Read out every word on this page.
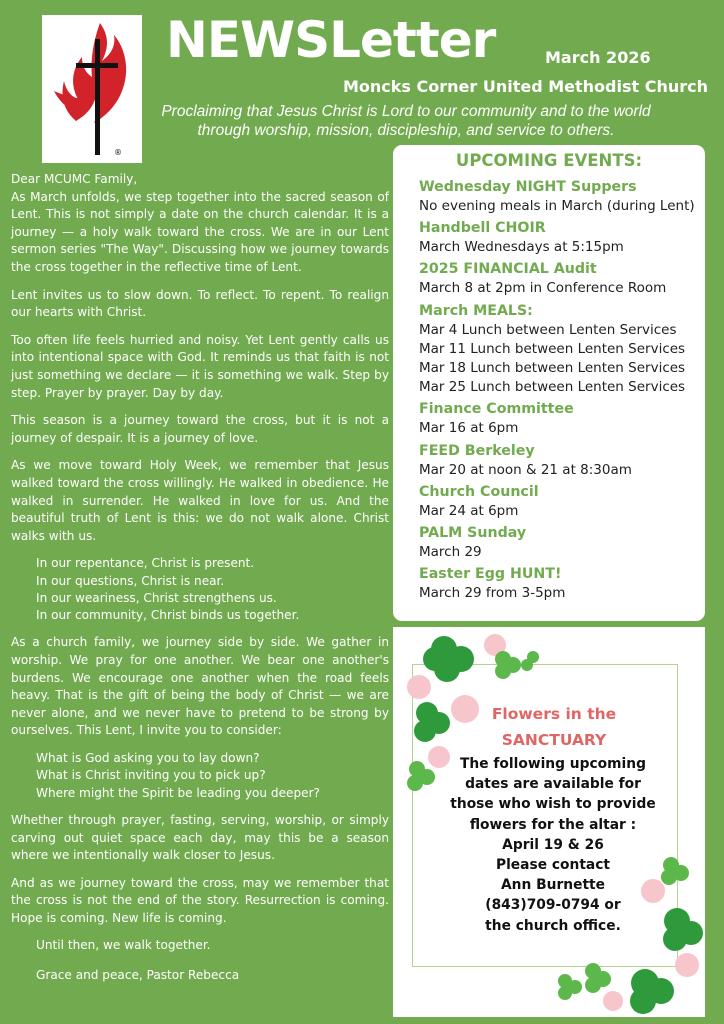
®
NEWSLetter	March 2026
Moncks Corner United Methodist Church
Proclaiming that Jesus Christ is Lord to our community and to the world through worship, mission, discipleship, and service to others.

Dear MCUMC Family,
As March unfolds, we step together into the sacred season of Lent. This is not simply a date on the church calendar. It is a journey — a holy walk toward the cross. We are in our Lent sermon series "The Way". Discussing how we journey towards the cross together in the reflective time of Lent.

Lent invites us to slow down. To reflect. To repent. To realign our hearts with Christ.

Too often life feels hurried and noisy. Yet Lent gently calls us into intentional space with God. It reminds us that faith is not just something we declare — it is something we walk. Step by step. Prayer by prayer. Day by day.

This season is a journey toward the cross, but it is not a journey of despair. It is a journey of love.

As we move toward Holy Week, we remember that Jesus walked toward the cross willingly. He walked in obedience. He walked in surrender. He walked in love for us. And the beautiful truth of Lent is this: we do not walk alone. Christ walks with us.

In our repentance, Christ is present.
In our questions, Christ is near.
In our weariness, Christ strengthens us.
In our community, Christ binds us together.

As a church family, we journey side by side. We gather in worship. We pray for one another. We bear one another's burdens. We encourage one another when the road feels heavy. That is the gift of being the body of Christ — we are never alone, and we never have to pretend to be strong by ourselves. This Lent, I invite you to consider:

What is God asking you to lay down?
What is Christ inviting you to pick up?
Where might the Spirit be leading you deeper?

Whether through prayer, fasting, serving, worship, or simply carving out quiet space each day, may this be a season where we intentionally walk closer to Jesus.

And as we journey toward the cross, may we remember that the cross is not the end of the story. Resurrection is coming. Hope is coming. New life is coming.

Until then, we walk together.
Grace and peace, Pastor Rebecca
UPCOMING EVENTS:
Wednesday NIGHT Suppers
No evening meals in March (during Lent)
Handbell CHOIR
March Wednesdays at 5:15pm
2025 FINANCIAL Audit
March 8 at 2pm in Conference Room
March MEALS:
Mar 4 Lunch between Lenten Services
Mar 11 Lunch between Lenten Services
Mar 18 Lunch between Lenten Services
Mar 25 Lunch between Lenten Services
Finance Committee
Mar 16 at 6pm
FEED Berkeley
Mar 20 at noon & 21 at 8:30am
Church Council
Mar 24 at 6pm
PALM Sunday
March 29
Easter Egg HUNT!
March 29 from 3-5pm
Flowers in the
SANCTUARY
The following upcoming
dates are available for
those who wish to provide
flowers for the altar :
April 19 & 26
Please contact
Ann Burnette
(843)709-0794 or
the church office.
